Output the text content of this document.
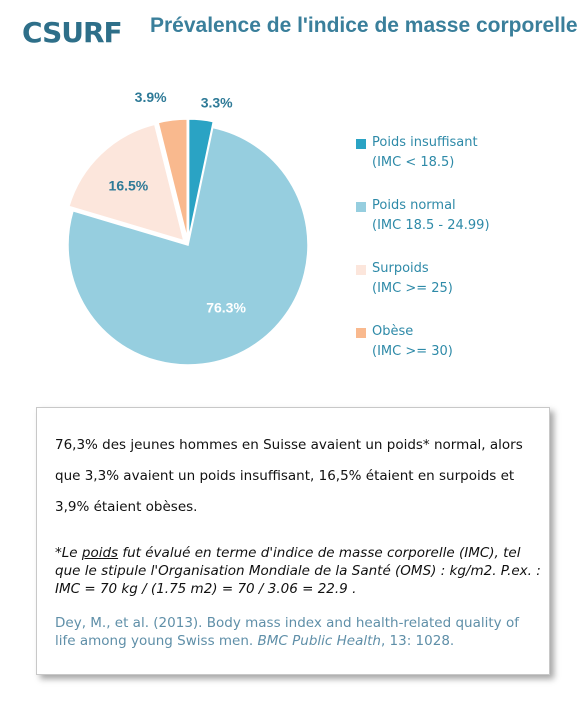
CSURF Prévalence de l'indice de masse corporelle
3.3%
76.3%
16.5%
3.9%
Poids insuffisant
(IMC < 18.5)
Poids normal
(IMC 18.5 - 24.99)
Surpoids
(IMC >= 25)
Obèse
(IMC >= 30)

76,3% des jeunes hommes en Suisse avaient un poids* normal, alors que 3,3% avaient un poids insuffisant, 16,5% étaient en surpoids et 3,9% étaient obèses.

*Le poids fut évalué en terme d'indice de masse corporelle (IMC), tel que le stipule l'Organisation Mondiale de la Santé (OMS) : kg/m2. P.ex. : IMC = 70 kg / (1.75 m2) = 70 / 3.06 = 22.9 .

Dey, M., et al. (2013). Body mass index and health-related quality of life among young Swiss men. BMC Public Health, 13: 1028.
